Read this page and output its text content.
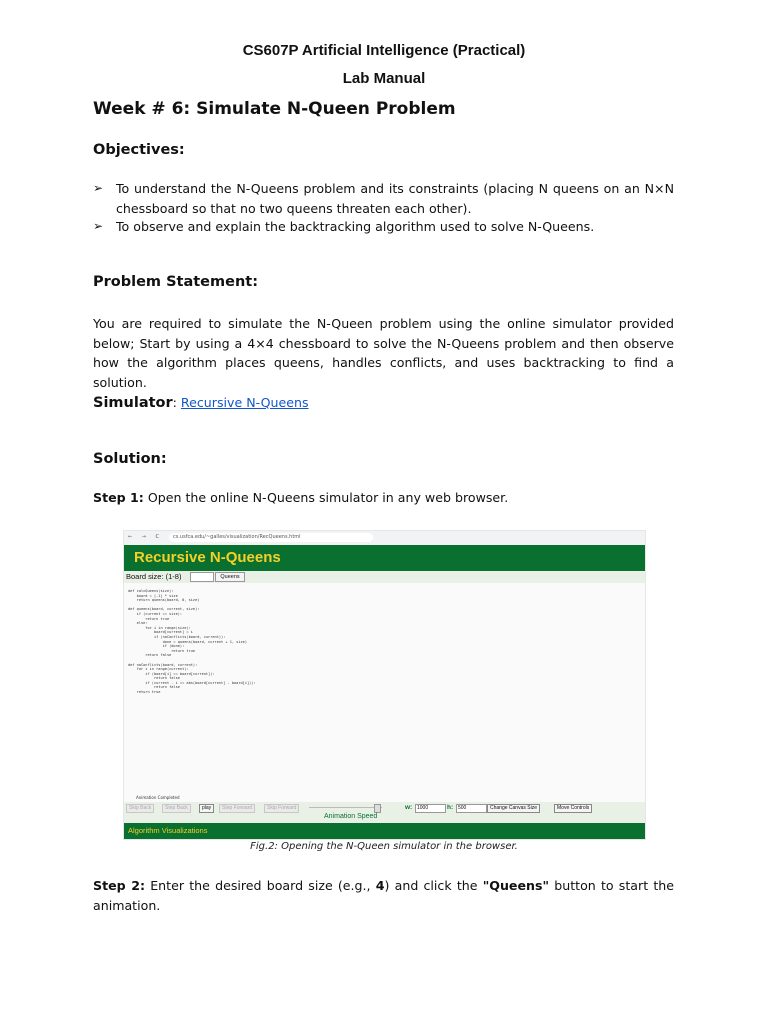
CS607P Artificial Intelligence (Practical)
Lab Manual
Week # 6: Simulate N-Queen Problem
Objectives:
➢ To understand the N-Queens problem and its constraints (placing N queens on an N×N chessboard so that no two queens threaten each other).
➢ To observe and explain the backtracking algorithm used to solve N-Queens.
Problem Statement:
You are required to simulate the N-Queen problem using the online simulator provided below; Start by using a 4×4 chessboard to solve the N-Queens problem and then observe how the algorithm places queens, handles conflicts, and uses backtracking to find a solution.
Simulator: Recursive N-Queens
Solution:
Step 1: Open the online N-Queens simulator in any web browser.
← → C	cs.usfca.edu/~galles/visualization/RecQueens.html
Recursive N-Queens
Board size: (1-8)	Queens
def calcQueens(size):
board = [-1] * size
return queens(board, 0, size)

def queens(board, current, size):
if (current == size):
return true
else:
for i in range(size):
board[current] = i
if (noConflicts(board, current)):
done = queens(board, current + 1, size)
if (done):
return true
return false

def noConflicts(board, current):
for i in range(current):
if (board[i] == board[current]):
return false
if (current - i == abs(board[current] - board[i])):
return false
return true
Animation Completed
Skip Back	Step Back	play	Step Forward	Skip Forward
Animation Speed
w: 1000	h: 500	Change Canvas Size	Move Controls
Algorithm Visualizations
Fig.2: Opening the N-Queen simulator in the browser.
Step 2: Enter the desired board size (e.g., 4) and click the "Queens" button to start the animation.
